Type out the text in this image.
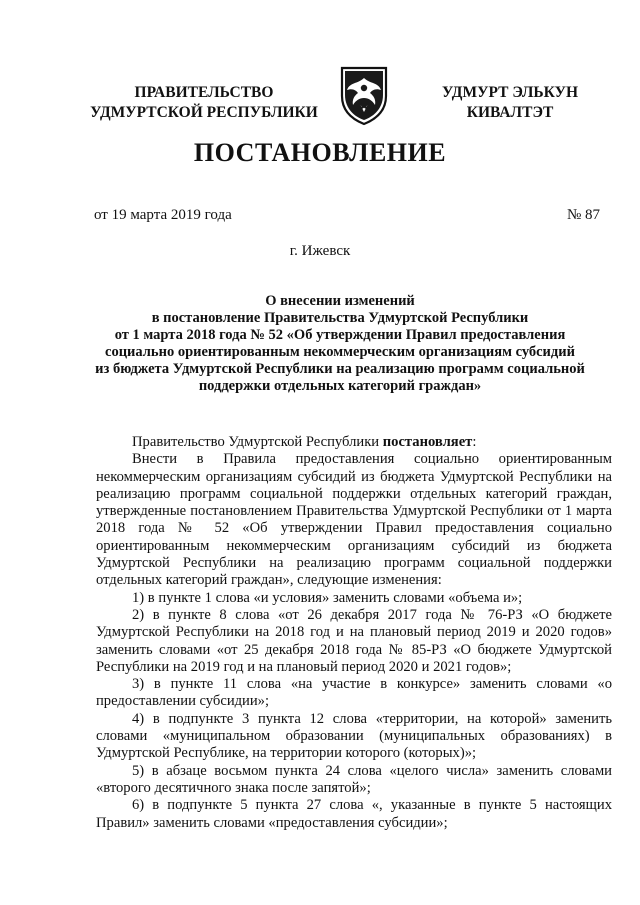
ПРАВИТЕЛЬСТВО
УДМУРТСКОЙ РЕСПУБЛИКИ
УДМУРТ ЭЛЬКУН
КИВАЛТЭТ
ПОСТАНОВЛЕНИЕ
от 19 марта 2019 года	№ 87
г. Ижевск
О внесении изменений
в постановление Правительства Удмуртской Республики
от 1 марта 2018 года № 52 «Об утверждении Правил предоставления
социально ориентированным некоммерческим организациям субсидий
из бюджета Удмуртской Республики на реализацию программ социальной
поддержки отдельных категорий граждан»

Правительство Удмуртской Республики постановляет:

Внести в Правила предоставления социально ориентированным некоммерческим организациям субсидий из бюджета Удмуртской Республики на реализацию программ социальной поддержки отдельных категорий граждан, утвержденные постановлением Правительства Удмуртской Республики от 1 марта 2018 года № 52 «Об утверждении Правил предоставления социально ориентированным некоммерческим организациям субсидий из бюджета Удмуртской Республики на реализацию программ социальной поддержки отдельных категорий граждан», следующие изменения:

1) в пункте 1 слова «и условия» заменить словами «объема и»;

2) в пункте 8 слова «от 26 декабря 2017 года № 76-РЗ «О бюджете Удмуртской Республики на 2018 год и на плановый период 2019 и 2020 годов» заменить словами «от 25 декабря 2018 года № 85-РЗ «О бюджете Удмуртской Республики на 2019 год и на плановый период 2020 и 2021 годов»;

3) в пункте 11 слова «на участие в конкурсе» заменить словами «о предоставлении субсидии»;

4) в подпункте 3 пункта 12 слова «территории, на которой» заменить словами «муниципальном образовании (муниципальных образованиях) в Удмуртской Республике, на территории которого (которых)»;

5) в абзаце восьмом пункта 24 слова «целого числа» заменить словами «второго десятичного знака после запятой»;

6) в подпункте 5 пункта 27 слова «, указанные в пункте 5 настоящих Правил» заменить словами «предоставления субсидии»;
